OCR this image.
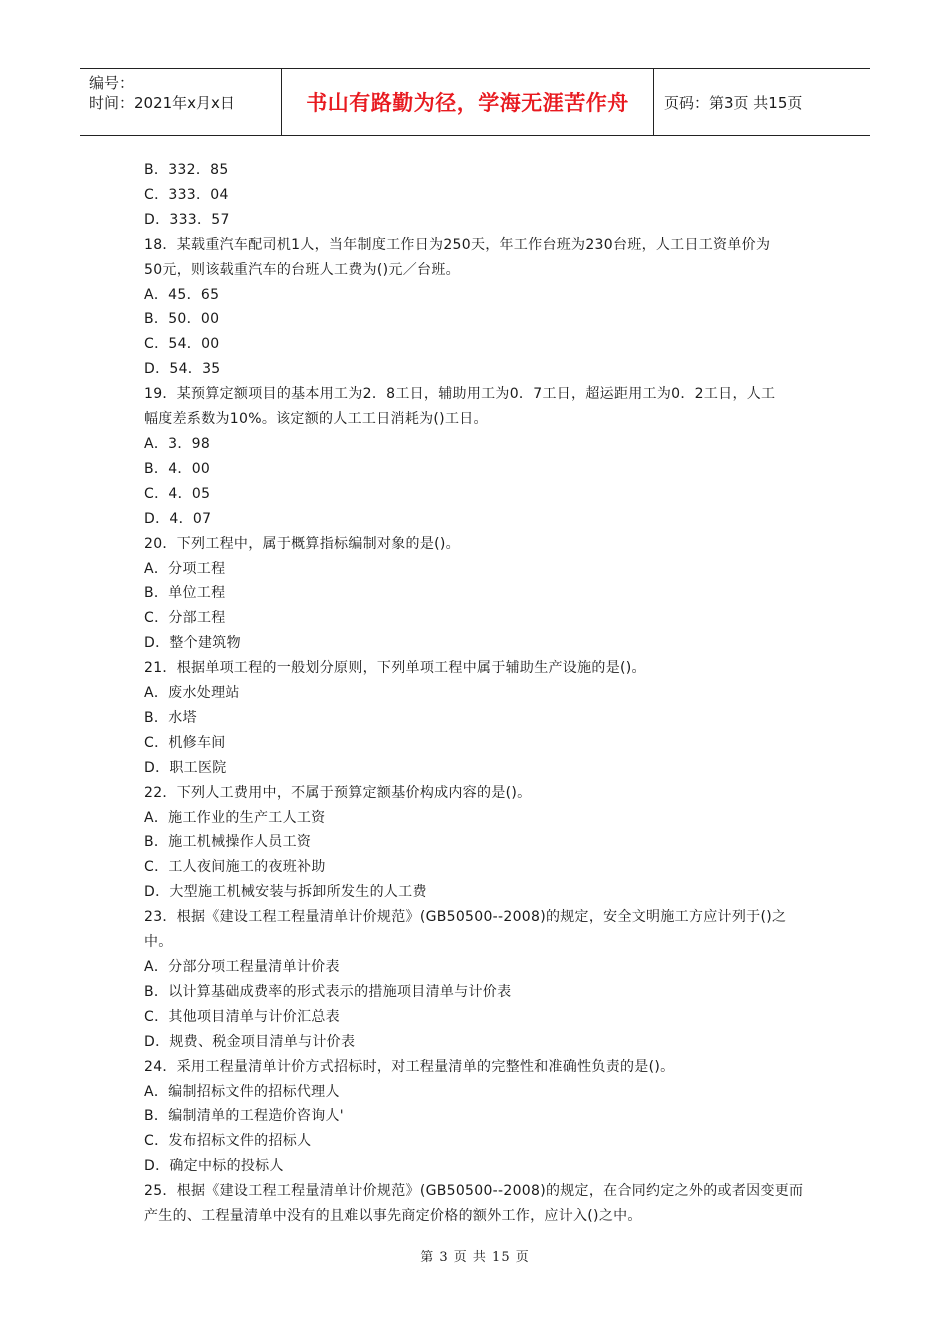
编号：
时间：2021年x月x日	书山有路勤为径，学海无涯苦作舟	页码：第3页 共15页
B．332．85
C．333．04
D．333．57
18．某载重汽车配司机1人，当年制度工作日为250天，年工作台班为230台班，人工日工资单价为
50元，则该载重汽车的台班人工费为()元／台班。
A．45．65
B．50．00
C．54．00
D．54．35
19．某预算定额项目的基本用工为2．8工日，辅助用工为0．7工日，超运距用工为0．2工日，人工
幅度差系数为10%。该定额的人工工日消耗为()工日。
A．3．98
B．4．00
C．4．05
D．4．07
20．下列工程中，属于概算指标编制对象的是()。
A．分项工程
B．单位工程
C．分部工程
D．整个建筑物
21．根据单项工程的一般划分原则，下列单项工程中属于辅助生产设施的是()。
A．废水处理站
B．水塔
C．机修车间
D．职工医院
22．下列人工费用中，不属于预算定额基价构成内容的是()。
A．施工作业的生产工人工资
B．施工机械操作人员工资
C．工人夜间施工的夜班补助
D．大型施工机械安装与拆卸所发生的人工费
23．根据《建设工程工程量清单计价规范》(GB50500--2008)的规定，安全文明施工方应计列于()之
中。
A．分部分项工程量清单计价表
B．以计算基础成费率的形式表示的措施项目清单与计价表
C．其他项目清单与计价汇总表
D．规费、税金项目清单与计价表
24．采用工程量清单计价方式招标时，对工程量清单的完整性和准确性负责的是()。
A．编制招标文件的招标代理人
B．编制清单的工程造价咨询人'
C．发布招标文件的招标人
D．确定中标的投标人
25．根据《建设工程工程量清单计价规范》(GB50500--2008)的规定，在合同约定之外的或者因变更而
产生的、工程量清单中没有的且难以事先商定价格的额外工作，应计入()之中。
第 3 页 共 15 页
